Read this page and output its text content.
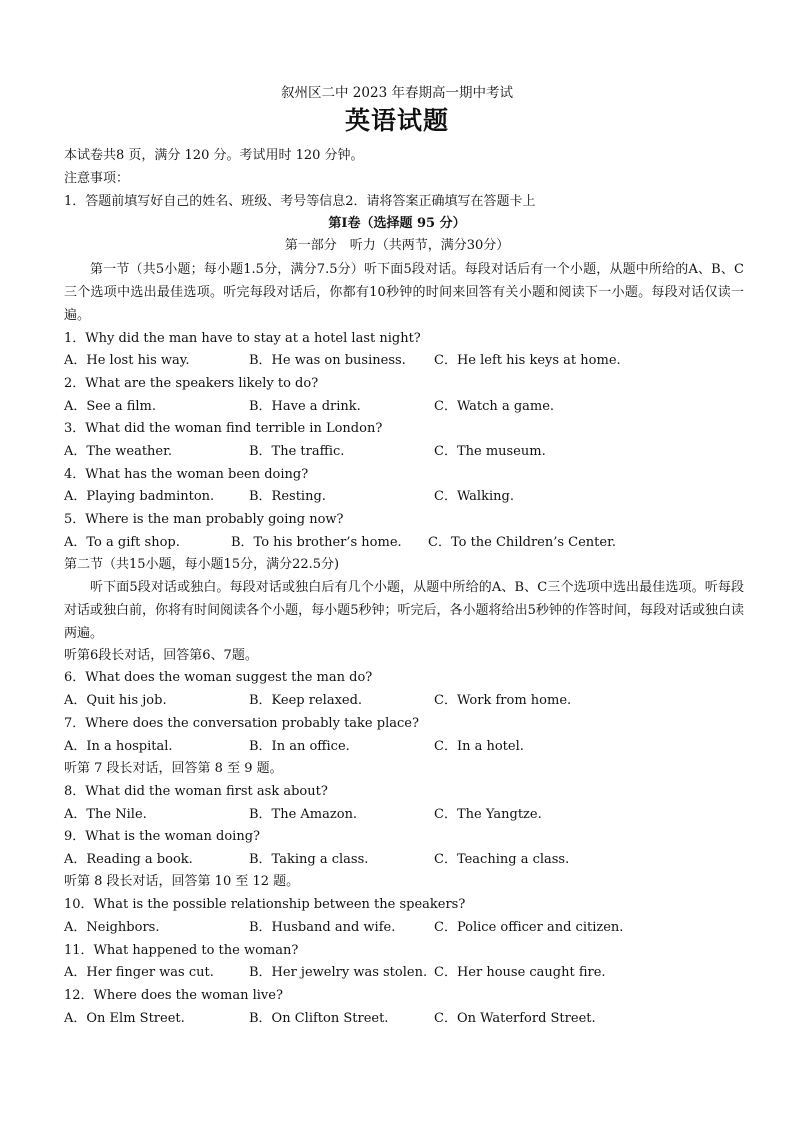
叙州区二中 2023 年春期高一期中考试
英语试题
本试卷共8 页，满分 120 分。考试用时 120 分钟。
注意事项：
1．答题前填写好自己的姓名、班级、考号等信息2．请将答案正确填写在答题卡上
第I卷（选择题 95 分）
第一部分　听力（共两节，满分30分）
第一节（共5小题；每小题1.5分，满分7.5分）听下面5段对话。每段对话后有一个小题，从题中所给的A、B、C三个选项中选出最佳选项。听完每段对话后，你都有10秒钟的时间来回答有关小题和阅读下一小题。每段对话仅读一遍。
1．Why did the man have to stay at a hotel last night?
A．He lost his way.	B．He was on business. C．He left his keys at home.
2．What are the speakers likely to do?
A．See a film.	B．Have a drink.	C．Watch a game.
3．What did the woman find terrible in London?
A．The weather.	B．The traffic.	C．The museum.
4．What has the woman been doing?
A．Playing badminton.	B．Resting.	C．Walking.
5．Where is the man probably going now?
A．To a gift shop.	B．To his brother’s home. C．To the Children’s Center.
第二节（共15小题，每小题15分，满分22.5分)
听下面5段对话或独白。每段对话或独白后有几个小题，从题中所给的A、B、C三个选项中选出最佳选项。听每段对话或独白前，你将有时间阅读各个小题，每小题5秒钟；听完后，各小题将给出5秒钟的作答时间，每段对话或独白读两遍。
听第6段长对话，回答第6、7题。
6．What does the woman suggest the man do?
A．Quit his job.	B．Keep relaxed.	C．Work from home.
7．Where does the conversation probably take place?
A．In a hospital.	B．In an office.	C．In a hotel.
听第 7 段长对话，回答第 8 至 9 题。
8．What did the woman first ask about?
A．The Nile.	B．The Amazon.	C．The Yangtze.
9．What is the woman doing?
A．Reading a book.	B．Taking a class.	C．Teaching a class.
听第 8 段长对话，回答第 10 至 12 题。
10．What is the possible relationship between the speakers?
A．Neighbors.	B．Husband and wife.	C．Police officer and citizen.
11．What happened to the woman?
A．Her finger was cut.	B．Her jewelry was stolen. C．Her house caught fire.
12．Where does the woman live?
A．On Elm Street.	B．On Clifton Street.	C．On Waterford Street.
